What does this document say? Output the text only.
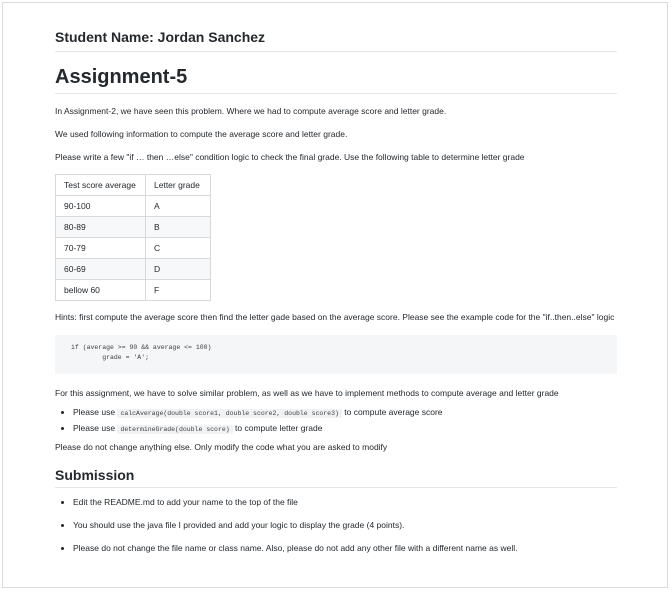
Student Name: Jordan Sanchez
Assignment-5

In Assignment-2, we have seen this problem. Where we had to compute average score and letter grade.

We used following information to compute the average score and letter grade.

Please write a few "if … then …else" condition logic to check the final grade. Use the following table to determine letter grade

Test score average	Letter grade
90-100	A
80-89	B
70-79	C
60-69	D
bellow 60	F

Hints: first compute the average score then find the letter gade based on the average score. Please see the example code for the "if..then..else" logic

if (average >= 90 && average <= 100)
grade = 'A';

For this assignment, we have to solve similar problem, as well as we have to implement methods to compute average and letter grade

• Please use calcAverage(double score1, double score2, double score3) to compute average score
• Please use determineGrade(double score) to compute letter grade

Please do not change anything else. Only modify the code what you are asked to modify

Submission
• Edit the README.md to add your name to the top of the file
• You should use the java file I provided and add your logic to display the grade (4 points).
• Please do not change the file name or class name. Also, please do not add any other file with a different name as well.
